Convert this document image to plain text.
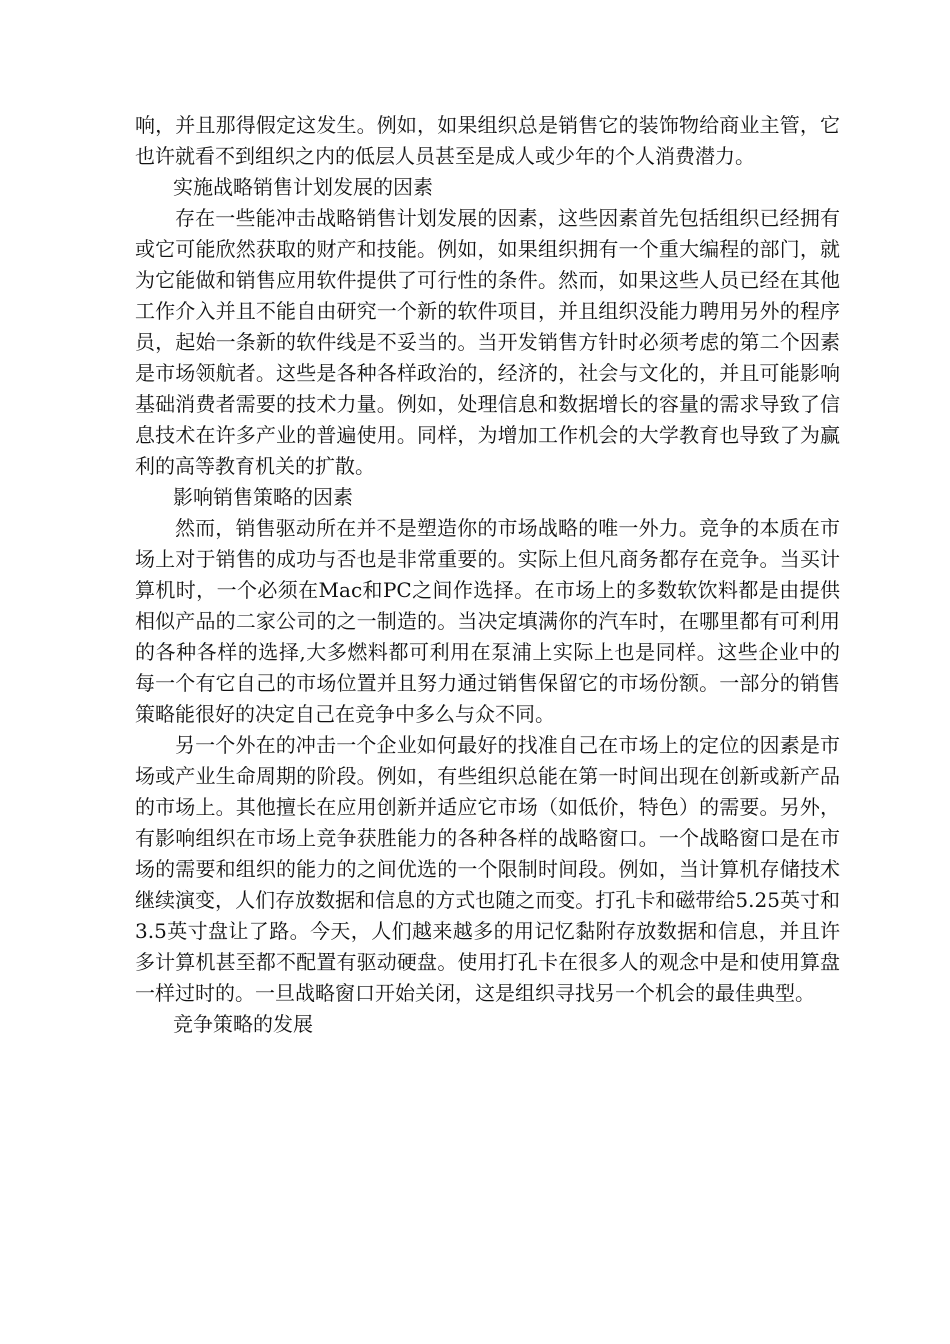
响，并且那得假定这发生。例如，如果组织总是销售它的装饰物给商业主管，它也许就看不到组织之内的低层人员甚至是成人或少年的个人消费潜力。

实施战略销售计划发展的因素

存在一些能冲击战略销售计划发展的因素，这些因素首先包括组织已经拥有或它可能欣然获取的财产和技能。例如，如果组织拥有一个重大编程的部门，就为它能做和销售应用软件提供了可行性的条件。然而，如果这些人员已经在其他工作介入并且不能自由研究一个新的软件项目，并且组织没能力聘用另外的程序员，起始一条新的软件线是不妥当的。当开发销售方针时必须考虑的第二个因素是市场领航者。这些是各种各样政治的，经济的，社会与文化的，并且可能影响基础消费者需要的技术力量。例如，处理信息和数据增长的容量的需求导致了信息技术在许多产业的普遍使用。同样，为增加工作机会的大学教育也导致了为赢利的高等教育机关的扩散。

影响销售策略的因素

然而，销售驱动所在并不是塑造你的市场战略的唯一外力。竞争的本质在市场上对于销售的成功与否也是非常重要的。实际上但凡商务都存在竞争。当买计算机时，一个必须在Mac和PC之间作选择。在市场上的多数软饮料都是由提供相似产品的二家公司的之一制造的。当决定填满你的汽车时，在哪里都有可利用的各种各样的选择,大多燃料都可利用在泵浦上实际上也是同样。这些企业中的每一个有它自己的市场位置并且努力通过销售保留它的市场份额。一部分的销售策略能很好的决定自己在竞争中多么与众不同。

另一个外在的冲击一个企业如何最好的找准自己在市场上的定位的因素是市场或产业生命周期的阶段。例如，有些组织总能在第一时间出现在创新或新产品的市场上。其他擅长在应用创新并适应它市场（如低价，特色）的需要。另外，有影响组织在市场上竞争获胜能力的各种各样的战略窗口。一个战略窗口是在市场的需要和组织的能力的之间优选的一个限制时间段。例如，当计算机存储技术继续演变，人们存放数据和信息的方式也随之而变。打孔卡和磁带给5.25英寸和3.5英寸盘让了路。今天，人们越来越多的用记忆黏附存放数据和信息，并且许多计算机甚至都不配置有驱动硬盘。使用打孔卡在很多人的观念中是和使用算盘一样过时的。一旦战略窗口开始关闭，这是组织寻找另一个机会的最佳典型。

竞争策略的发展
